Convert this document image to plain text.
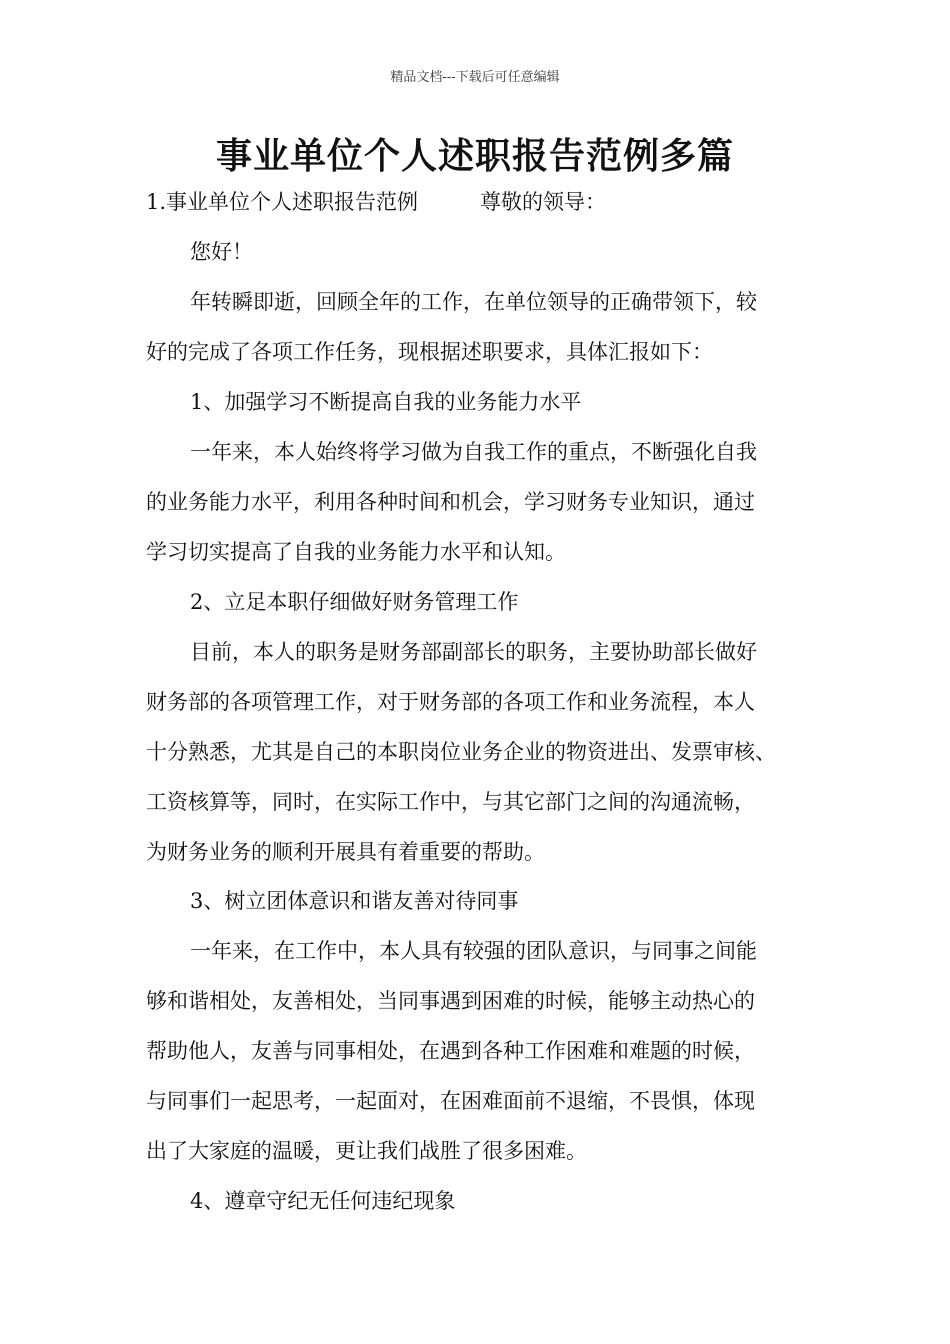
精品文档---下载后可任意编辑
事业单位个人述职报告范例多篇
1.事业单位个人述职报告范例	尊敬的领导：
您好！
年转瞬即逝，回顾全年的工作，在单位领导的正确带领下，较
好的完成了各项工作任务，现根据述职要求，具体汇报如下：
1、加强学习不断提高自我的业务能力水平
一年来，本人始终将学习做为自我工作的重点，不断强化自我
的业务能力水平，利用各种时间和机会，学习财务专业知识，通过
学习切实提高了自我的业务能力水平和认知。
2、立足本职仔细做好财务管理工作
目前，本人的职务是财务部副部长的职务，主要协助部长做好
财务部的各项管理工作，对于财务部的各项工作和业务流程，本人
十分熟悉，尤其是自己的本职岗位业务企业的物资进出、发票审核、
工资核算等，同时，在实际工作中，与其它部门之间的沟通流畅，
为财务业务的顺利开展具有着重要的帮助。
3、树立团体意识和谐友善对待同事
一年来，在工作中，本人具有较强的团队意识，与同事之间能
够和谐相处，友善相处，当同事遇到困难的时候，能够主动热心的
帮助他人，友善与同事相处，在遇到各种工作困难和难题的时候，
与同事们一起思考，一起面对，在困难面前不退缩，不畏惧，体现
出了大家庭的温暖，更让我们战胜了很多困难。
4、遵章守纪无任何违纪现象
